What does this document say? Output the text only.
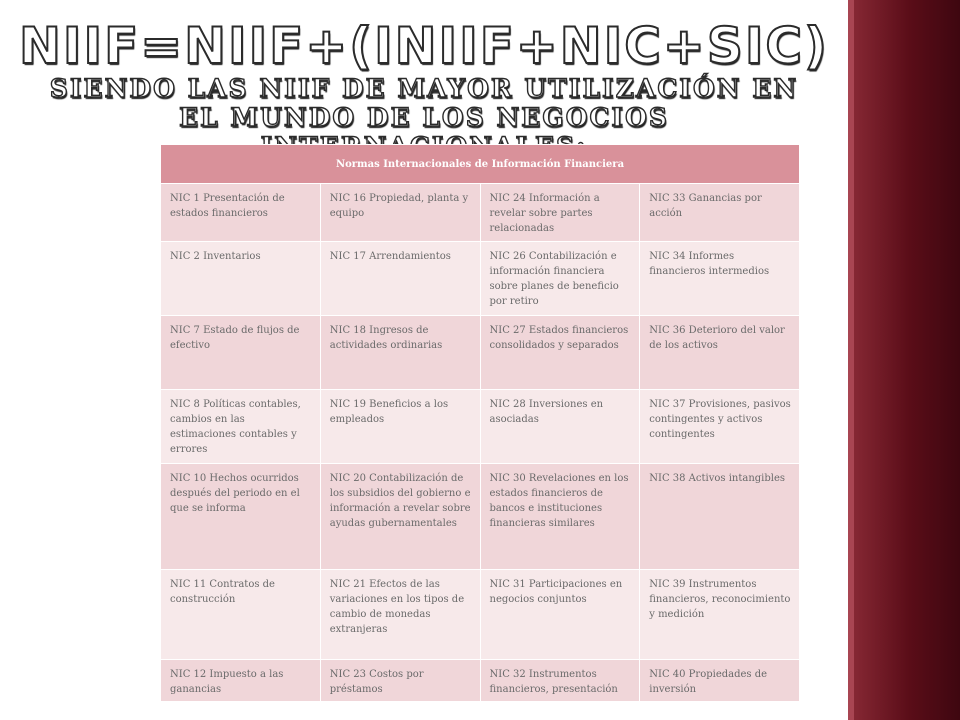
NIIF=NIIF+(INIIF+NIC+SIC)
SIENDO LAS NIIF DE MAYOR UTILIZACIÓN EN EL MUNDO DE LOS NEGOCIOS
Normas Internacionales de Información Financiera			
NIC 1 Presentación de estados financieros	NIC 16 Propiedad, planta y equipo	NIC 24 Información a revelar sobre partes relacionadas	NIC 33 Ganancias por acción
NIC 2 Inventarios	NIC 17 Arrendamientos	NIC 26 Contabilización e información financiera sobre planes de beneficio por retiro	NIC 34 Informes financieros intermedios
NIC 7 Estado de flujos de efectivo	NIC 18 Ingresos de actividades ordinarias	NIC 27 Estados financieros consolidados y separados	NIC 36 Deterioro del valor de los activos
NIC 8 Políticas contables, cambios en las estimaciones contables y errores	NIC 19 Beneficios a los empleados	NIC 28 Inversiones en asociadas	NIC 37 Provisiones, pasivos contingentes y activos contingentes
NIC 10 Hechos ocurridos después del periodo en el que se informa	NIC 20 Contabilización de los subsidios del gobierno e información a revelar sobre ayudas gubernamentales	NIC 30 Revelaciones en los estados financieros de bancos e instituciones financieras similares	NIC 38 Activos intangibles
NIC 11 Contratos de construcción	NIC 21 Efectos de las variaciones en los tipos de cambio de monedas extranjeras	NIC 31 Participaciones en negocios conjuntos	NIC 39 Instrumentos financieros, reconocimiento y medición
NIC 12 Impuesto a las ganancias	NIC 23 Costos por préstamos	NIC 32 Instrumentos financieros, presentación	NIC 40 Propiedades de inversión
